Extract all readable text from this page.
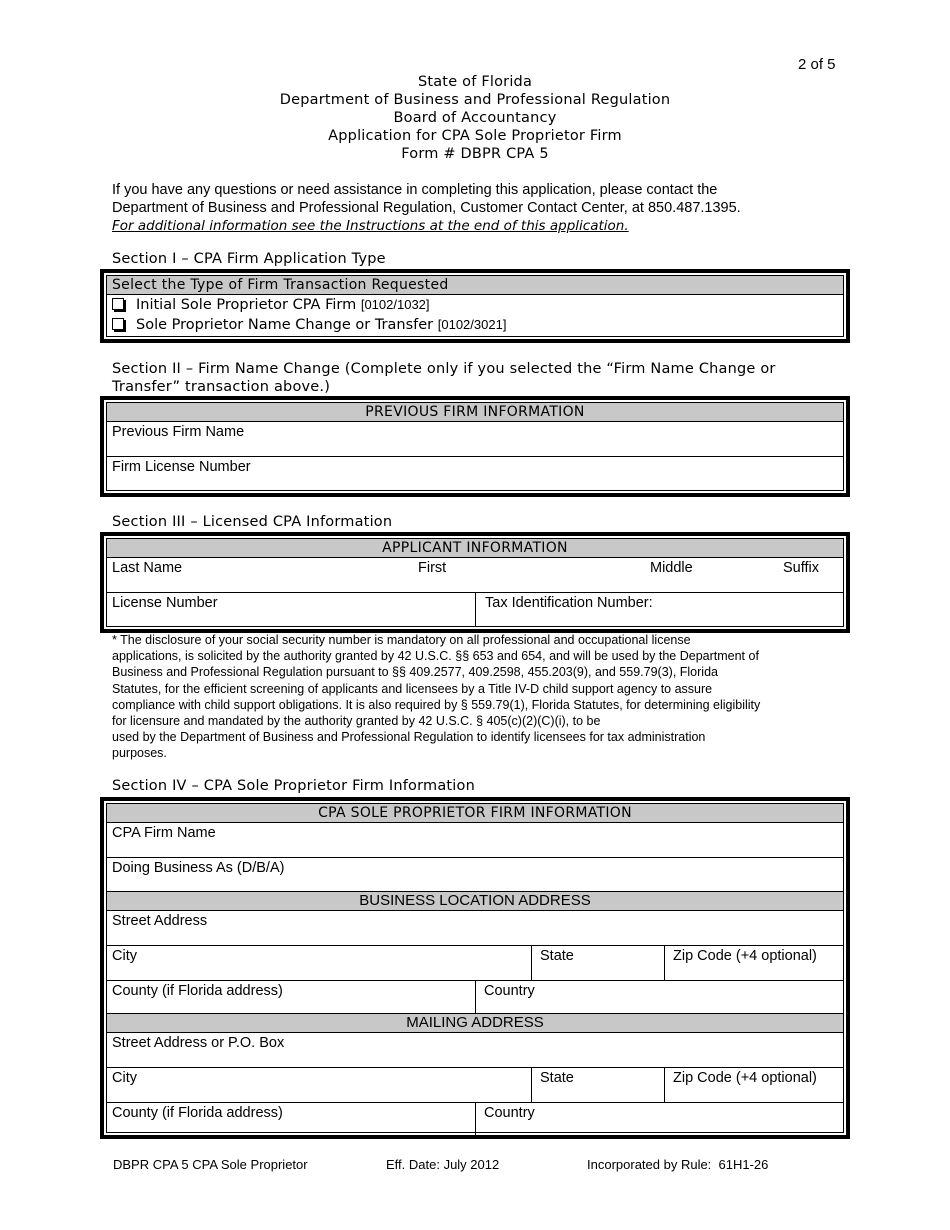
2 of 5
State of Florida
Department of Business and Professional Regulation
Board of Accountancy
Application for CPA Sole Proprietor Firm
Form # DBPR CPA 5
If you have any questions or need assistance in completing this application, please contact the
Department of Business and Professional Regulation, Customer Contact Center, at 850.487.1395.
For additional information see the Instructions at the end of this application.
Section I – CPA Firm Application Type
Select the Type of Firm Transaction Requested
Initial Sole Proprietor CPA Firm [0102/1032]
Sole Proprietor Name Change or Transfer [0102/3021]
Section II – Firm Name Change (Complete only if you selected the “Firm Name Change or
Transfer” transaction above.)
PREVIOUS FIRM INFORMATION
Previous Firm Name
Firm License Number
Section III – Licensed CPA Information
APPLICANT INFORMATION
Last Name	First	Middle	Suffix
License Number	Tax Identification Number:
* The disclosure of your social security number is mandatory on all professional and occupational license
applications, is solicited by the authority granted by 42 U.S.C. §§ 653 and 654, and will be used by the Department of
Business and Professional Regulation pursuant to §§ 409.2577, 409.2598, 455.203(9), and 559.79(3), Florida
Statutes, for the efficient screening of applicants and licensees by a Title IV-D child support agency to assure
compliance with child support obligations. It is also required by § 559.79(1), Florida Statutes, for determining eligibility
for licensure and mandated by the authority granted by 42 U.S.C. § 405(c)(2)(C)(i), to be
used by the Department of Business and Professional Regulation to identify licensees for tax administration
purposes.
Section IV – CPA Sole Proprietor Firm Information
CPA SOLE PROPRIETOR FIRM INFORMATION
CPA Firm Name
Doing Business As (D/B/A)
BUSINESS LOCATION ADDRESS
Street Address
City	State	Zip Code (+4 optional)
County (if Florida address)	Country
MAILING ADDRESS
Street Address or P.O. Box
City	State	Zip Code (+4 optional)
County (if Florida address)	Country
DBPR CPA 5 CPA Sole Proprietor	Eff. Date: July 2012	Incorporated by Rule:  61H1-26
